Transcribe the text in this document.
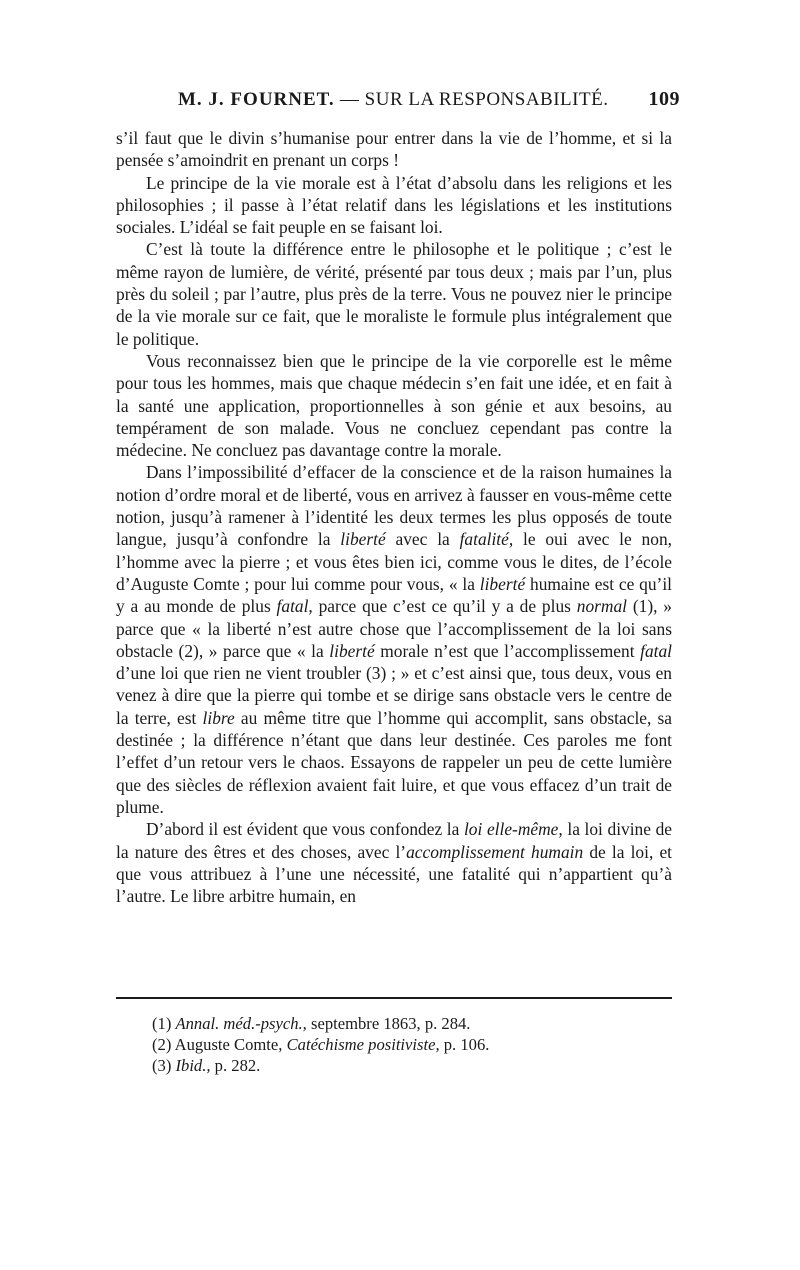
M. J. FOURNET. — SUR LA RESPONSABILITÉ. 109

s’il faut que le divin s’humanise pour entrer dans la vie de l’homme, et si la pensée s’amoindrit en prenant un corps !

Le principe de la vie morale est à l’état d’absolu dans les religions et les philosophies ; il passe à l’état relatif dans les législations et les institutions sociales. L’idéal se fait peuple en se faisant loi.

C’est là toute la différence entre le philosophe et le politique ; c’est le même rayon de lumière, de vérité, présenté par tous deux ; mais par l’un, plus près du soleil ; par l’autre, plus près de la terre. Vous ne pouvez nier le principe de la vie morale sur ce fait, que le moraliste le formule plus intégralement que le politique.

Vous reconnaissez bien que le principe de la vie corporelle est le même pour tous les hommes, mais que chaque médecin s’en fait une idée, et en fait à la santé une application, proportionnelles à son génie et aux besoins, au tempérament de son malade. Vous ne concluez cependant pas contre la médecine. Ne concluez pas davantage contre la morale.

Dans l’impossibilité d’effacer de la conscience et de la raison humaines la notion d’ordre moral et de liberté, vous en arrivez à fausser en vous-même cette notion, jusqu’à ramener à l’identité les deux termes les plus opposés de toute langue, jusqu’à confondre la liberté avec la fatalité, le oui avec le non, l’homme avec la pierre ; et vous êtes bien ici, comme vous le dites, de l’école d’Auguste Comte ; pour lui comme pour vous, « la liberté humaine est ce qu’il y a au monde de plus fatal, parce que c’est ce qu’il y a de plus normal (1), » parce que « la liberté n’est autre chose que l’accomplissement de la loi sans obstacle (2), » parce que « la liberté morale n’est que l’accomplissement fatal d’une loi que rien ne vient troubler (3) ; » et c’est ainsi que, tous deux, vous en venez à dire que la pierre qui tombe et se dirige sans obstacle vers le centre de la terre, est libre au même titre que l’homme qui accomplit, sans obstacle, sa destinée ; la différence n’étant que dans leur destinée. Ces paroles me font l’effet d’un retour vers le chaos. Essayons de rappeler un peu de cette lumière que des siècles de réflexion avaient fait luire, et que vous effacez d’un trait de plume.

D’abord il est évident que vous confondez la loi elle-même, la loi divine de la nature des êtres et des choses, avec l’accomplissement humain de la loi, et que vous attribuez à l’une une nécessité, une fatalité qui n’appartient qu’à l’autre. Le libre arbitre humain, en

(1) Annal. méd.-psych., septembre 1863, p. 284.
(2) Auguste Comte, Catéchisme positiviste, p. 106.
(3) Ibid., p. 282.
